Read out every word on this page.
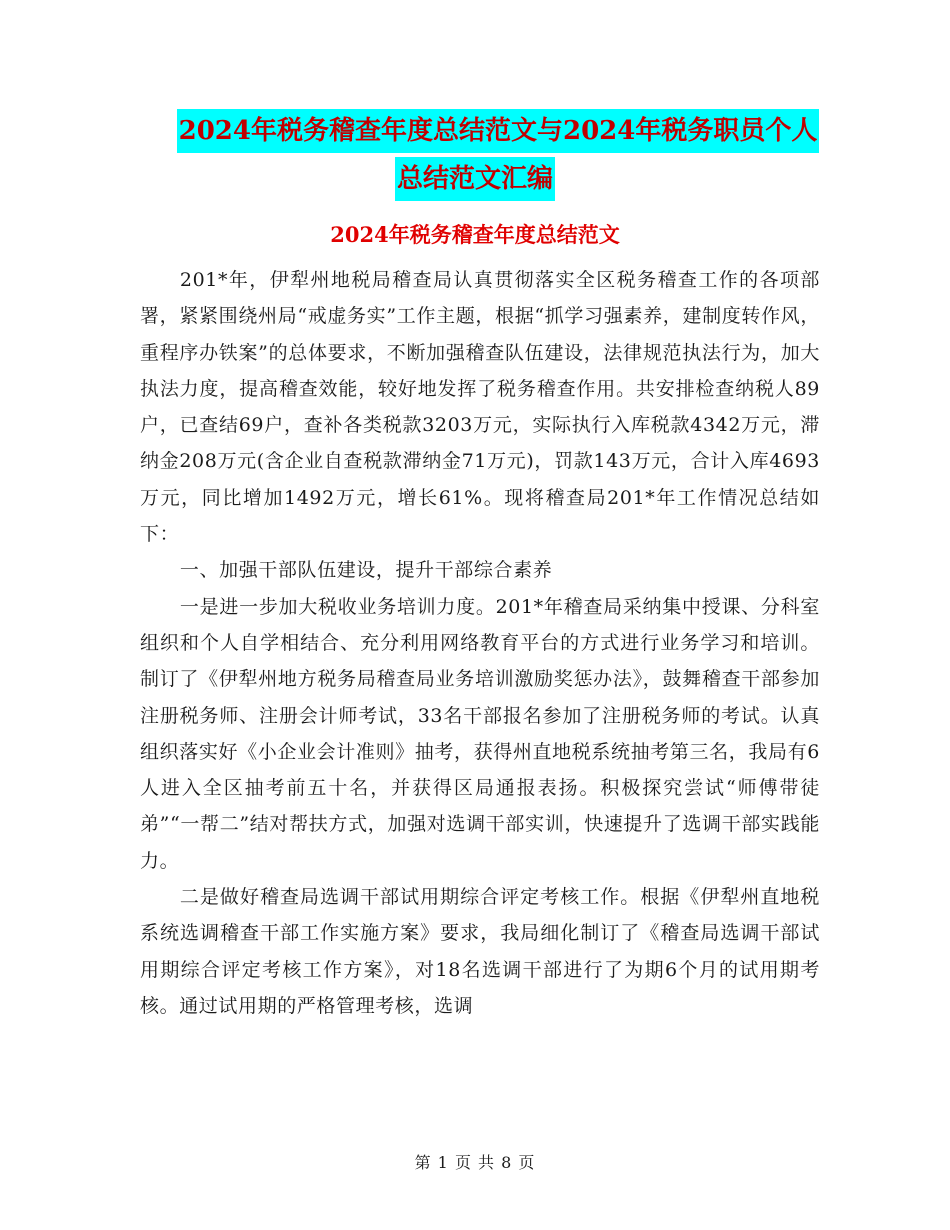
2024年税务稽查年度总结范文与2024年税务职员个人
总结范文汇编
2024年税务稽查年度总结范文

201*年，伊犁州地税局稽查局认真贯彻落实全区税务稽查工作的各项部署，紧紧围绕州局“戒虚务实”工作主题，根据“抓学习强素养，建制度转作风，重程序办铁案”的总体要求，不断加强稽查队伍建设，法律规范执法行为，加大执法力度，提高稽查效能，较好地发挥了税务稽查作用。共安排检查纳税人89户，已查结69户，查补各类税款3203万元，实际执行入库税款4342万元，滞纳金208万元(含企业自查税款滞纳金71万元)，罚款143万元，合计入库4693万元，同比增加1492万元，增长61%。现将稽查局201*年工作情况总结如下：

一、加强干部队伍建设，提升干部综合素养

一是进一步加大税收业务培训力度。201*年稽查局采纳集中授课、分科室组织和个人自学相结合、充分利用网络教育平台的方式进行业务学习和培训。制订了《伊犁州地方税务局稽查局业务培训激励奖惩办法》，鼓舞稽查干部参加注册税务师、注册会计师考试，33名干部报名参加了注册税务师的考试。认真组织落实好《小企业会计准则》抽考，获得州直地税系统抽考第三名，我局有6人进入全区抽考前五十名，并获得区局通报表扬。积极探究尝试“师傅带徒弟”“一帮二”结对帮扶方式，加强对选调干部实训，快速提升了选调干部实践能力。

二是做好稽查局选调干部试用期综合评定考核工作。根据《伊犁州直地税系统选调稽查干部工作实施方案》要求，我局细化制订了《稽查局选调干部试用期综合评定考核工作方案》，对18名选调干部进行了为期6个月的试用期考核。通过试用期的严格管理考核，选调

第 1 页 共 8 页
